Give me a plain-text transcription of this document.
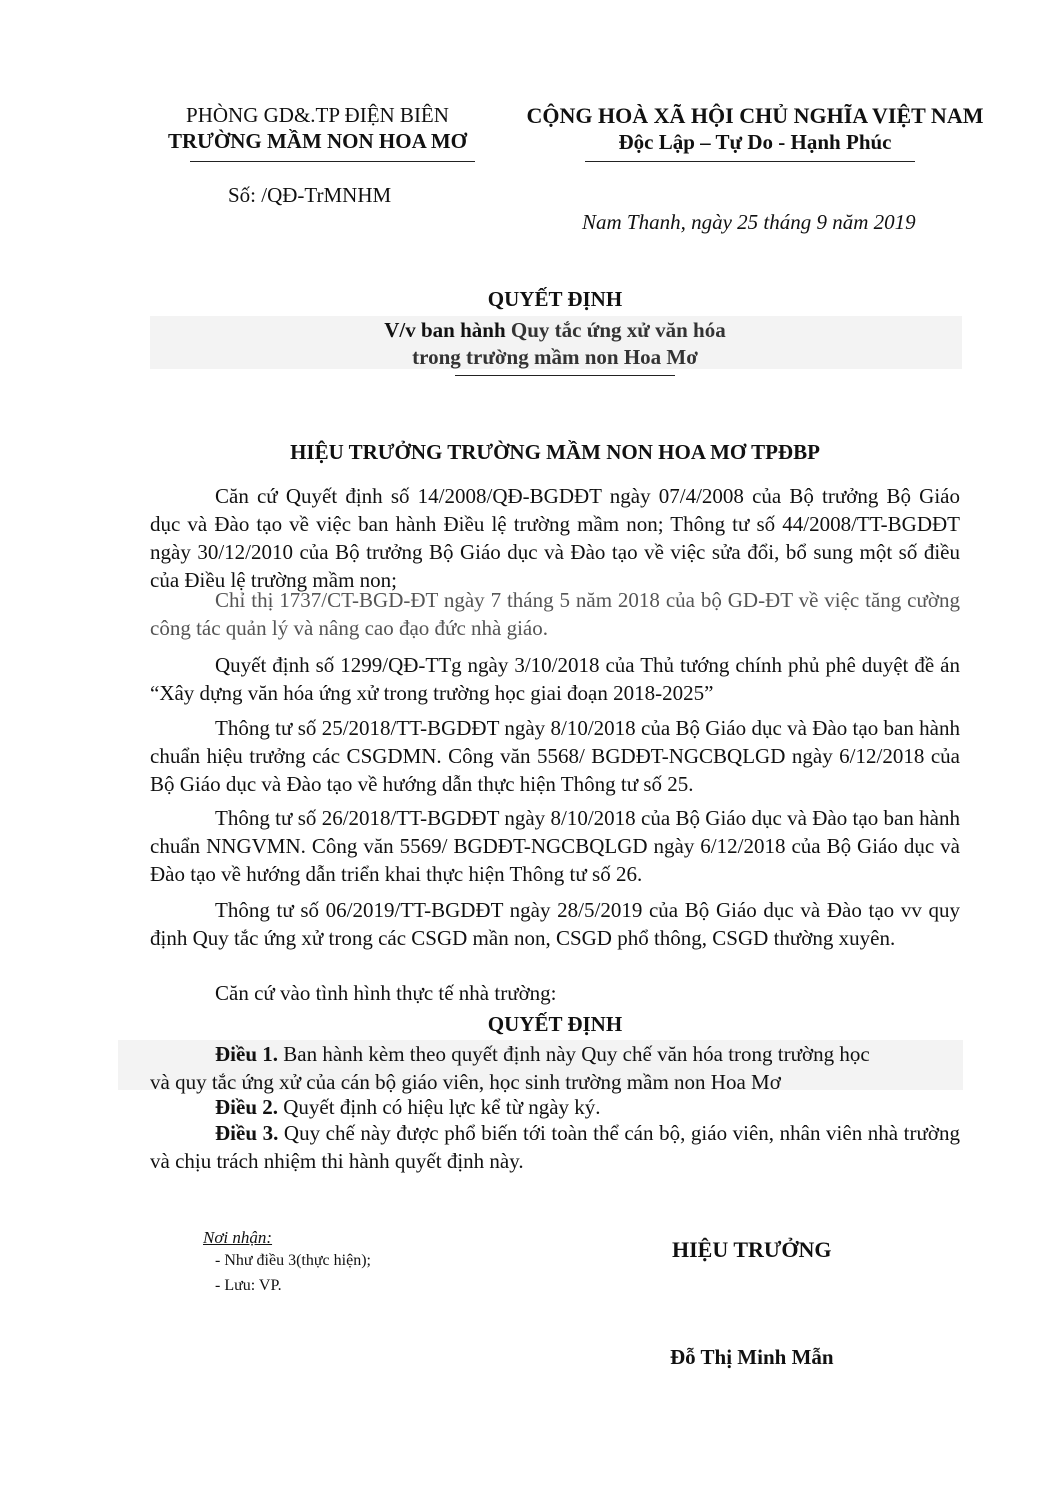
PHÒNG GD&.TP ĐIỆN BIÊN
TRƯỜNG MẦM NON HOA MƠ
CỘNG HOÀ XÃ HỘI CHỦ NGHĨA VIỆT NAM
Độc Lập – Tự Do - Hạnh Phúc
Số: /QĐ-TrMNHM
Nam Thanh, ngày 25 tháng 9 năm 2019
QUYẾT ĐỊNH
V/v ban hành Quy tắc ứng xử văn hóa
trong trường mầm non Hoa Mơ
HIỆU TRƯỞNG TRƯỜNG MẦM NON HOA MƠ TPĐBP
Căn cứ Quyết định số 14/2008/QĐ-BGDĐT ngày 07/4/2008 của Bộ trưởng Bộ Giáo dục và Đào tạo về việc ban hành Điều lệ trường mầm non; Thông tư số 44/2008/TT-BGDĐT ngày 30/12/2010 của Bộ trưởng Bộ Giáo dục và Đào tạo về việc sửa đổi, bổ sung một số điều của Điều lệ trường mầm non;
Chỉ thị 1737/CT-BGD-ĐT ngày 7 tháng 5 năm 2018 của bộ GD-ĐT về việc tăng cường công tác quản lý và nâng cao đạo đức nhà giáo.
Quyết định số 1299/QĐ-TTg ngày 3/10/2018 của Thủ tướng chính phủ phê duyệt đề án “Xây dựng văn hóa ứng xử trong trường học giai đoạn 2018-2025”
Thông tư số 25/2018/TT-BGDĐT ngày 8/10/2018 của Bộ Giáo dục và Đào tạo ban hành chuẩn hiệu trưởng các CSGDMN. Công văn 5568/ BGDĐT-NGCBQLGD ngày 6/12/2018 của Bộ Giáo dục và Đào tạo về hướng dẫn thực hiện Thông tư số 25.
Thông tư số 26/2018/TT-BGDĐT ngày 8/10/2018 của Bộ Giáo dục và Đào tạo ban hành chuẩn NNGVMN. Công văn 5569/ BGDĐT-NGCBQLGD ngày 6/12/2018 của Bộ Giáo dục và Đào tạo về hướng dẫn triển khai thực hiện Thông tư số 26.
Thông tư số 06/2019/TT-BGDĐT ngày 28/5/2019 của Bộ Giáo dục và Đào tạo vv quy định Quy tắc ứng xử trong các CSGD mần non, CSGD phổ thông, CSGD thường xuyên.
Căn cứ vào tình hình thực tế nhà trường:
QUYẾT ĐỊNH
Điều 1. Ban hành kèm theo quyết định này Quy chế văn hóa trong trường học
và quy tắc ứng xử của cán bộ giáo viên, học sinh trường mầm non Hoa Mơ
Điều 2. Quyết định có hiệu lực kể từ ngày ký.
Điều 3. Quy chế này được phổ biến tới toàn thể cán bộ, giáo viên, nhân viên nhà trường và chịu trách nhiệm thi hành quyết định này.
Nơi nhận:
- Như điều 3(thực hiện);
- Lưu: VP.
HIỆU TRƯỞNG
Đỗ Thị Minh Mẫn
